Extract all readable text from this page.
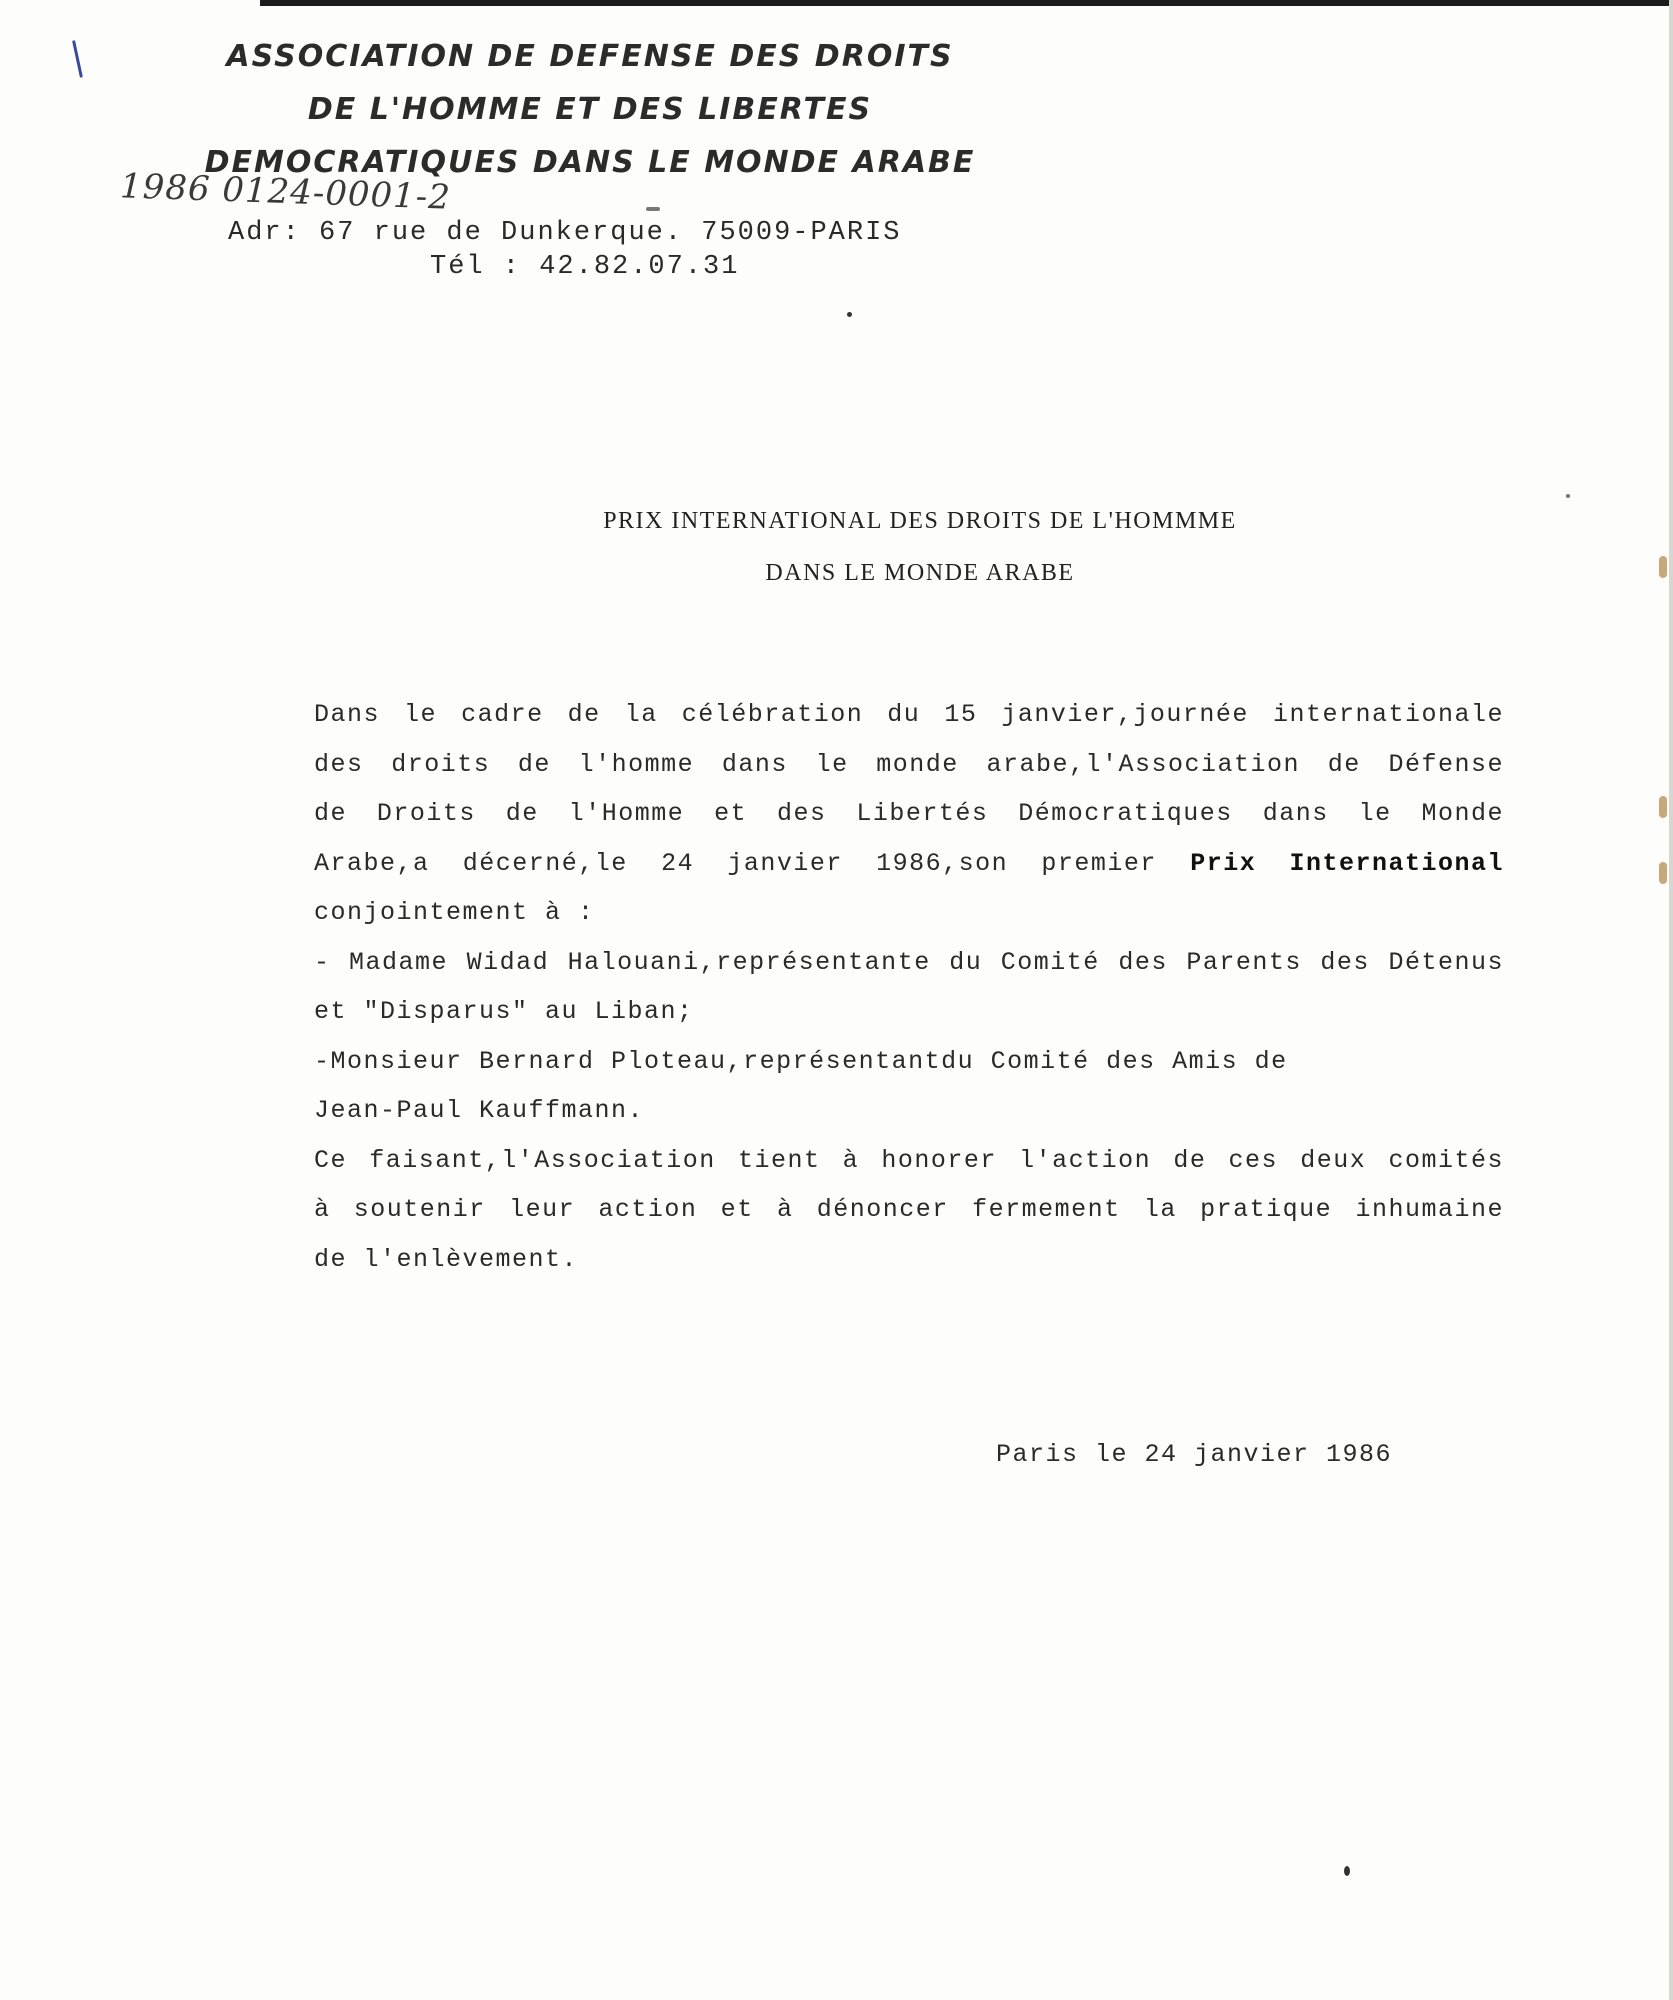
ASSOCIATION DE DEFENSE DES DROITS
DE L'HOMME ET DES LIBERTES
DEMOCRATIQUES DANS LE MONDE ARABE
1986 0124-0001-2
Adr: 67 rue de Dunkerque. 75009-PARIS
Tél : 42.82.07.31
PRIX INTERNATIONAL DES DROITS DE L'HOMMME
DANS LE MONDE ARABE
Dans le cadre de la célébration du 15 janvier,journée internationale
des droits de l'homme dans le monde arabe,l'Association de Défense
de Droits de l'Homme et des Libertés Démocratiques dans le Monde
Arabe,a décerné,le 24 janvier 1986,son premier Prix International
conjointement à :
- Madame Widad Halouani,représentante du Comité des Parents des Détenus
et "Disparus" au Liban;
-Monsieur Bernard Ploteau,représentantdu Comité des Amis de
Jean-Paul Kauffmann.
Ce faisant,l'Association tient à honorer l'action de ces deux comités
à soutenir leur action et à dénoncer fermement la pratique inhumaine
de l'enlèvement.
Paris le 24 janvier 1986
